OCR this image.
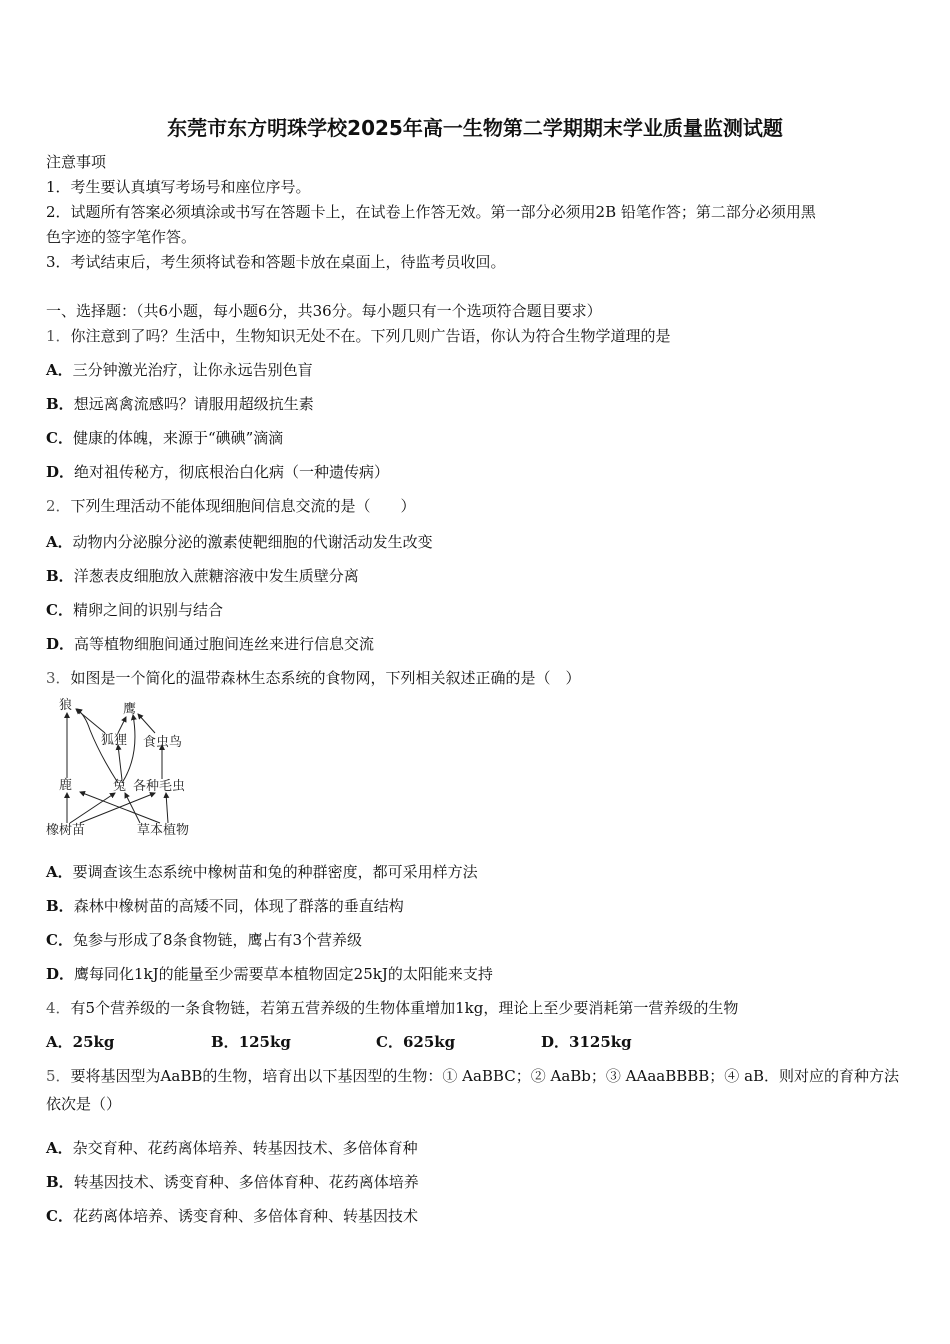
东莞市东方明珠学校2025年高一生物第二学期期末学业质量监测试题
注意事项
1．考生要认真填写考场号和座位序号。
2．试题所有答案必须填涂或书写在答题卡上，在试卷上作答无效。第一部分必须用2B 铅笔作答；第二部分必须用黑
色字迹的签字笔作答。
3．考试结束后，考生须将试卷和答题卡放在桌面上，待监考员收回。
一、选择题：（共6小题，每小题6分，共36分。每小题只有一个选项符合题目要求）
1．你注意到了吗？生活中，生物知识无处不在。下列几则广告语，你认为符合生物学道理的是
A．三分钟激光治疗，让你永远告别色盲
B．想远离禽流感吗？请服用超级抗生素
C．健康的体魄，来源于“碘碘”滴滴
D．绝对祖传秘方，彻底根治白化病（一种遗传病）
2．下列生理活动不能体现细胞间信息交流的是（　　）
A．动物内分泌腺分泌的激素使靶细胞的代谢活动发生改变
B．洋葱表皮细胞放入蔗糖溶液中发生质壁分离
C．精卵之间的识别与结合
D．高等植物细胞间通过胞间连丝来进行信息交流
3．如图是一个简化的温带森林生态系统的食物网，下列相关叙述正确的是（　）
狼	鹰
狐狸 食虫鸟
鹿	兔 各种毛虫
橡树苗	草本植物
A．要调查该生态系统中橡树苗和兔的种群密度，都可采用样方法
B．森林中橡树苗的高矮不同，体现了群落的垂直结构
C．兔参与形成了8条食物链，鹰占有3个营养级
D．鹰每同化1kJ的能量至少需要草本植物固定25kJ的太阳能来支持
4．有5个营养级的一条食物链，若第五营养级的生物体重增加1kg，理论上至少要消耗第一营养级的生物
A．25kg	B．125kg	C．625kg	D．3125kg
5．要将基因型为AaBB的生物，培育出以下基因型的生物：① AaBBC；② AaBb；③ AAaaBBBB；④ aB．则对应的育种方法依次是（）
A．杂交育种、花药离体培养、转基因技术、多倍体育种
B．转基因技术、诱变育种、多倍体育种、花药离体培养
C．花药离体培养、诱变育种、多倍体育种、转基因技术
